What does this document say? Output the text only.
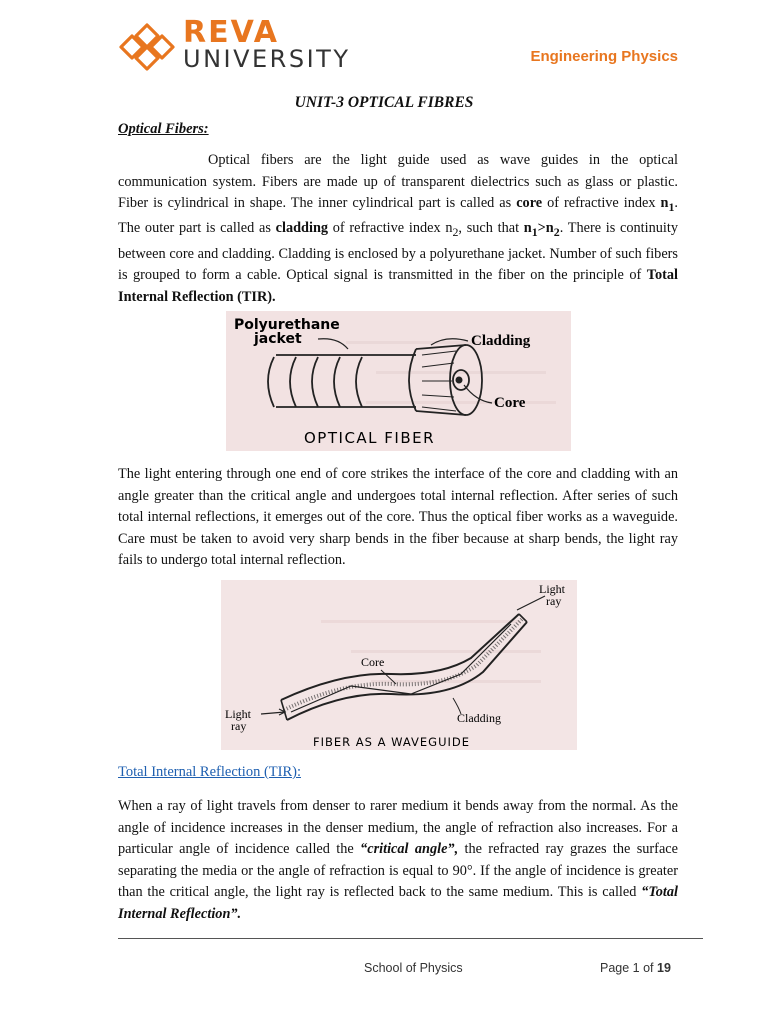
REVA
UNIVERSITY	Engineering Physics
UNIT-3 OPTICAL FIBRES
Optical Fibers:

Optical fibers are the light guide used as wave guides in the optical communication system. Fibers are made up of transparent dielectrics such as glass or plastic. Fiber is cylindrical in shape. The inner cylindrical part is called as core of refractive index $n_1$. The outer part is called as cladding of refractive index $n_2$, such that $n_1>n_2$. There is continuity between core and cladding. Cladding is enclosed by a polyurethane jacket. Number of such fibers is grouped to form a cable. Optical signal is transmitted in the fiber on the principle of Total Internal Reflection (TIR).

Polyurethane
jacket	Cladding
Core
OPTICAL FIBER

The light entering through one end of core strikes the interface of the core and cladding with an angle greater than the critical angle and undergoes total internal reflection. After series of such total internal reflections, it emerges out of the core. Thus the optical fiber works as a waveguide. Care must be taken to avoid very sharp bends in the fiber because at sharp bends, the light ray fails to undergo total internal reflection.

Light
ray
Core
Light
ray
Cladding
FIBER AS A WAVEGUIDE
Total Internal Reflection (TIR):

When a ray of light travels from denser to rarer medium it bends away from the normal. As the angle of incidence increases in the denser medium, the angle of refraction also increases. For a particular angle of incidence called the “critical angle”, the refracted ray grazes the surface separating the media or the angle of refraction is equal to 90°. If the angle of incidence is greater than the critical angle, the light ray is reflected back to the same medium. This is called “Total Internal Reflection”.

School of Physics	Page 1 of 19
